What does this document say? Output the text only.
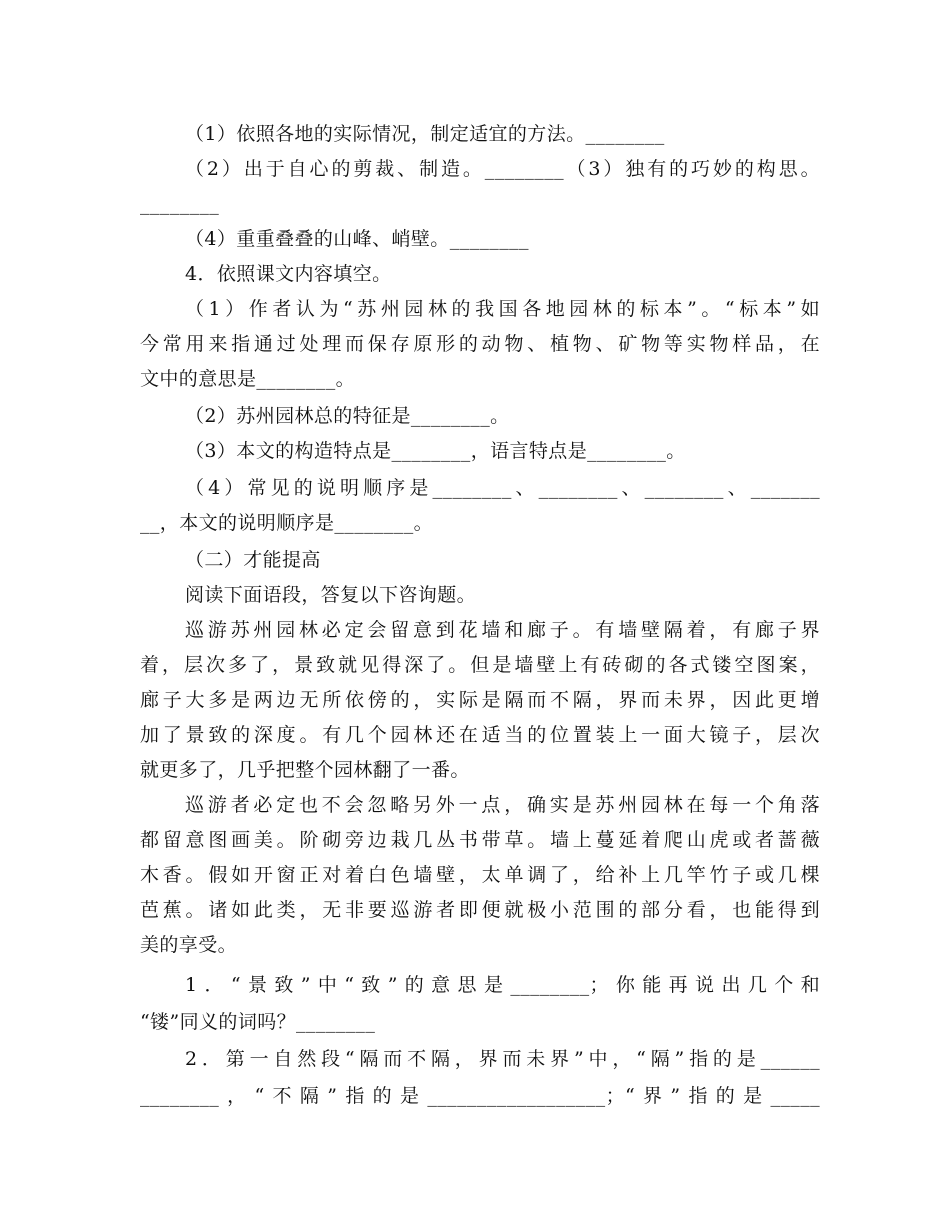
（1）依照各地的实际情况，制定适宜的方法。________
（2）出于自心的剪裁、制造。________（3）独有的巧妙的构思。
________
（4）重重叠叠的山峰、峭壁。________
4．依照课文内容填空。
（1）作者认为“苏州园林的我国各地园林的标本”。“标本”如
今常用来指通过处理而保存原形的动物、植物、矿物等实物样品，在
文中的意思是________。
（2）苏州园林总的特征是________。
（3）本文的构造特点是________，语言特点是________。
（4）常见的说明顺序是________、________、________、_______
__，本文的说明顺序是________。
（二）才能提高
阅读下面语段，答复以下咨询题。
巡游苏州园林必定会留意到花墙和廊子。有墙壁隔着，有廊子界
着，层次多了，景致就见得深了。但是墙壁上有砖砌的各式镂空图案，
廊子大多是两边无所依傍的，实际是隔而不隔，界而未界，因此更增
加了景致的深度。有几个园林还在适当的位置装上一面大镜子，层次
就更多了，几乎把整个园林翻了一番。
巡游者必定也不会忽略另外一点，确实是苏州园林在每一个角落
都留意图画美。阶砌旁边栽几丛书带草。墙上蔓延着爬山虎或者蔷薇
木香。假如开窗正对着白色墙壁，太单调了，给补上几竿竹子或几棵
芭蕉。诸如此类，无非要巡游者即便就极小范围的部分看，也能得到
美的享受。
1．“景致”中“致”的意思是________；你能再说出几个和
“镂”同义的词吗？________
2．第一自然段“隔而不隔，界而未界”中，“隔”指的是______
________，“不隔”指的是__________________；“界”指的是_____
